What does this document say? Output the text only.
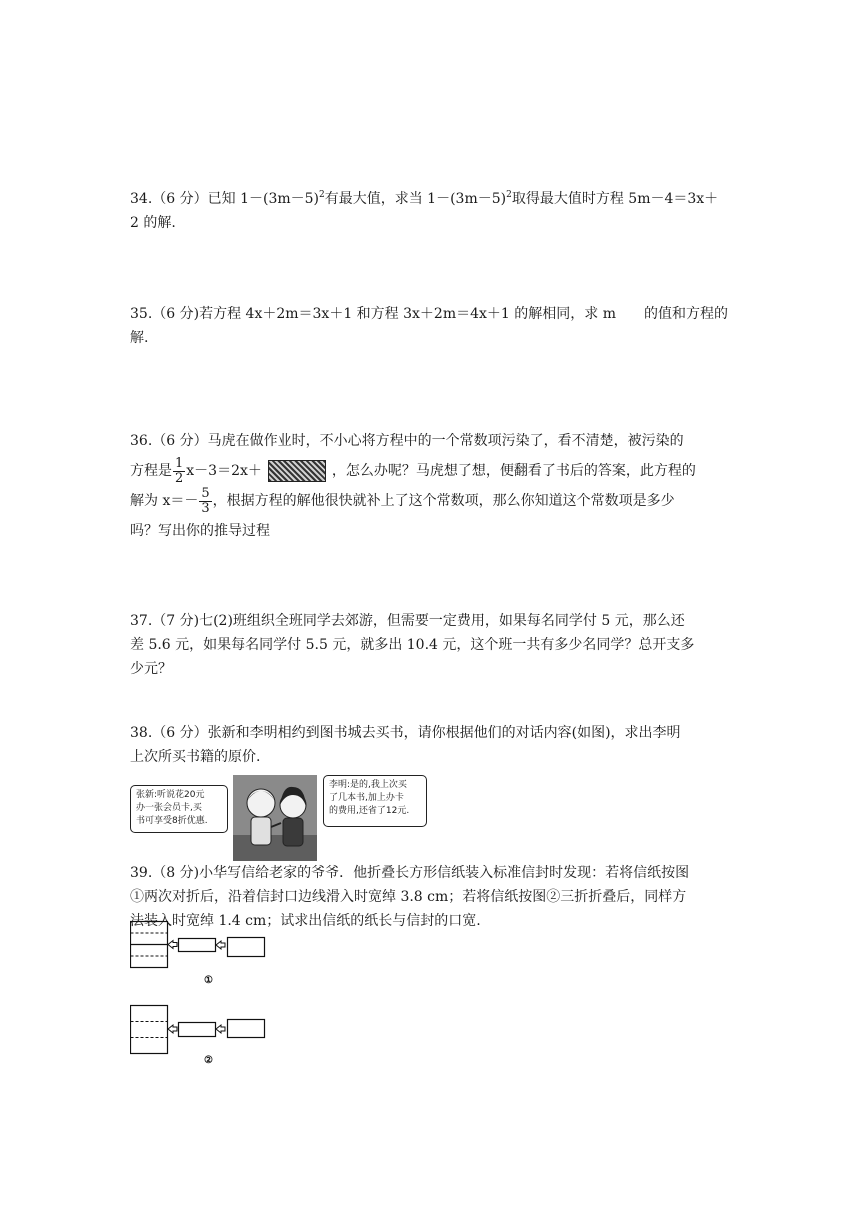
34.（6 分）已知 $1-(3m-5)^2$有最大值，求当 $1-(3m-5)^2$取得最大值时方程 5m－4＝3x＋
2 的解.
35.（6 分)若方程 4x＋2m＝3x＋1 和方程 3x＋2m＝4x＋1 的解相同，求 m　　的值和方程的
解.
36.（6 分）马虎在做作业时，不小心将方程中的一个常数项污染了，看不清楚，被污染的
方程是 $\frac{1}{2} x-3=2x+$	，怎么办呢？马虎想了想，便翻看了书后的答案，此方程的
解为 $x=- \frac{5}{3}$ ，根据方程的解他很快就补上了这个常数项，那么你知道这个常数项是多少
吗？写出你的推导过程
37.（7 分)七(2)班组织全班同学去郊游，但需要一定费用，如果每名同学付 5 元，那么还
差 5.6 元，如果每名同学付 5.5 元，就多出 10.4 元，这个班一共有多少名同学？总开支多
少元？
38.（6 分）张新和李明相约到图书城去买书，请你根据他们的对话内容(如图)，求出李明
上次所买书籍的原价.
张新:听说花20元
办一张会员卡,买
书可享受8折优惠.
李明:是的,我上次买
了几本书,加上办卡
的费用,还省了12元.
39.（8 分)小华写信给老家的爷爷．他折叠长方形信纸装入标准信封时发现：若将信纸按图
①两次对折后，沿着信封口边线滑入时宽绰 3.8 cm；若将信纸按图②三折折叠后，同样方
法装入时宽绰 1.4 cm；试求出信纸的纸长与信封的口宽.
①
②
